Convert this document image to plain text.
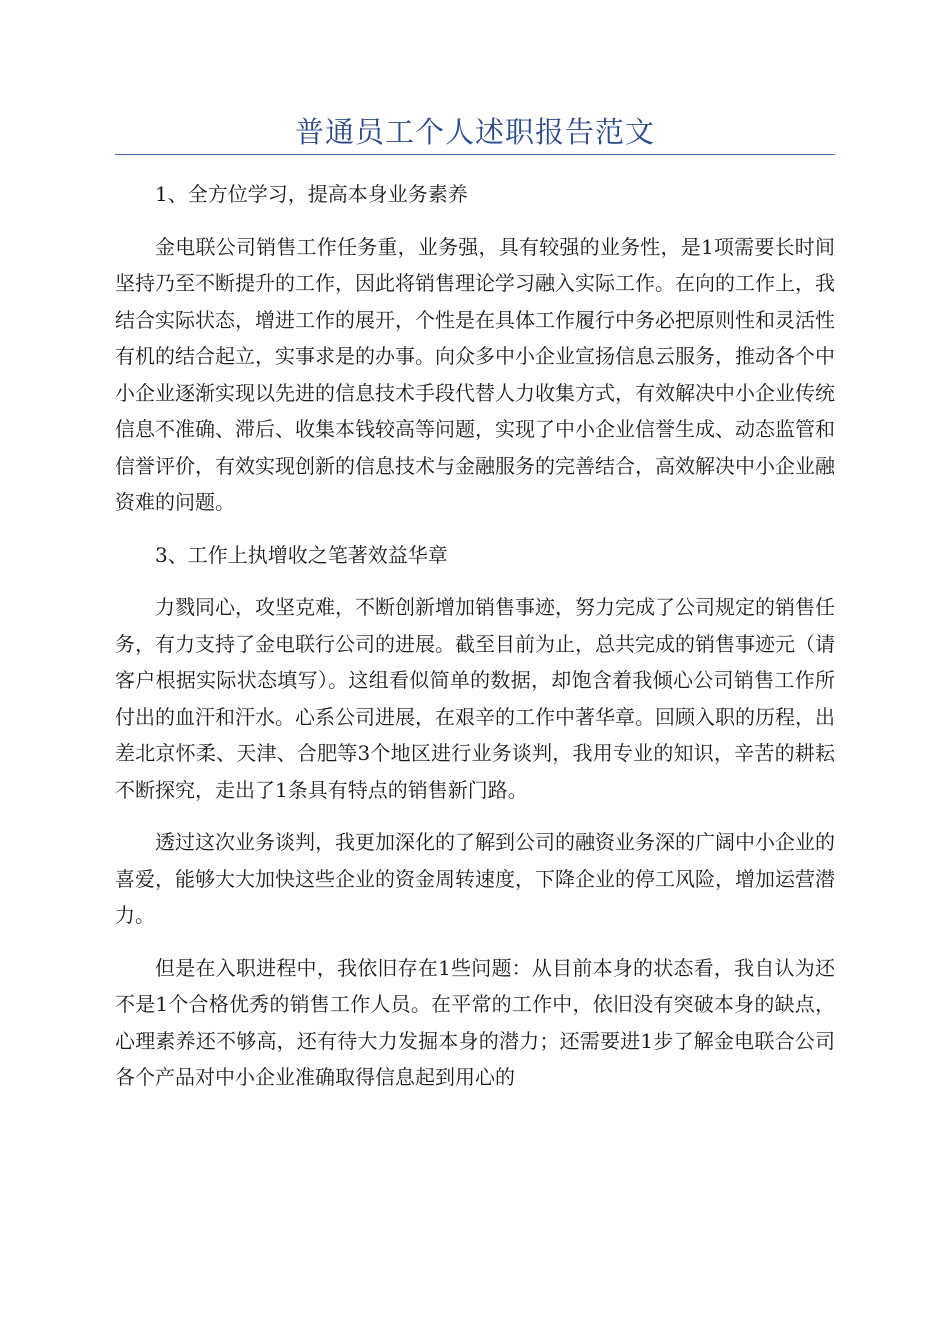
普通员工个人述职报告范文

1、全方位学习，提高本身业务素养

金电联公司销售工作任务重，业务强，具有较强的业务性，是1项需要长时间坚持乃至不断提升的工作，因此将销售理论学习融入实际工作。在向的工作上，我结合实际状态，增进工作的展开，个性是在具体工作履行中务必把原则性和灵活性有机的结合起立，实事求是的办事。向众多中小企业宣扬信息云服务，推动各个中小企业逐渐实现以先进的信息技术手段代替人力收集方式，有效解决中小企业传统信息不准确、滞后、收集本钱较高等问题，实现了中小企业信誉生成、动态监管和信誉评价，有效实现创新的信息技术与金融服务的完善结合，高效解决中小企业融资难的问题。

3、工作上执增收之笔著效益华章

力戮同心，攻坚克难，不断创新增加销售事迹，努力完成了公司规定的销售任务，有力支持了金电联行公司的进展。截至目前为止，总共完成的销售事迹元（请客户根据实际状态填写）。这组看似简单的数据，却饱含着我倾心公司销售工作所付出的血汗和汗水。心系公司进展，在艰辛的工作中著华章。回顾入职的历程，出差北京怀柔、天津、合肥等3个地区进行业务谈判，我用专业的知识，辛苦的耕耘不断探究，走出了1条具有特点的销售新门路。

透过这次业务谈判，我更加深化的了解到公司的融资业务深的广阔中小企业的喜爱，能够大大加快这些企业的资金周转速度，下降企业的停工风险，增加运营潜力。

但是在入职进程中，我依旧存在1些问题：从目前本身的状态看，我自认为还不是1个合格优秀的销售工作人员。在平常的工作中，依旧没有突破本身的缺点，心理素养还不够高，还有待大力发掘本身的潜力；还需要进1步了解金电联合公司各个产品对中小企业准确取得信息起到用心的
